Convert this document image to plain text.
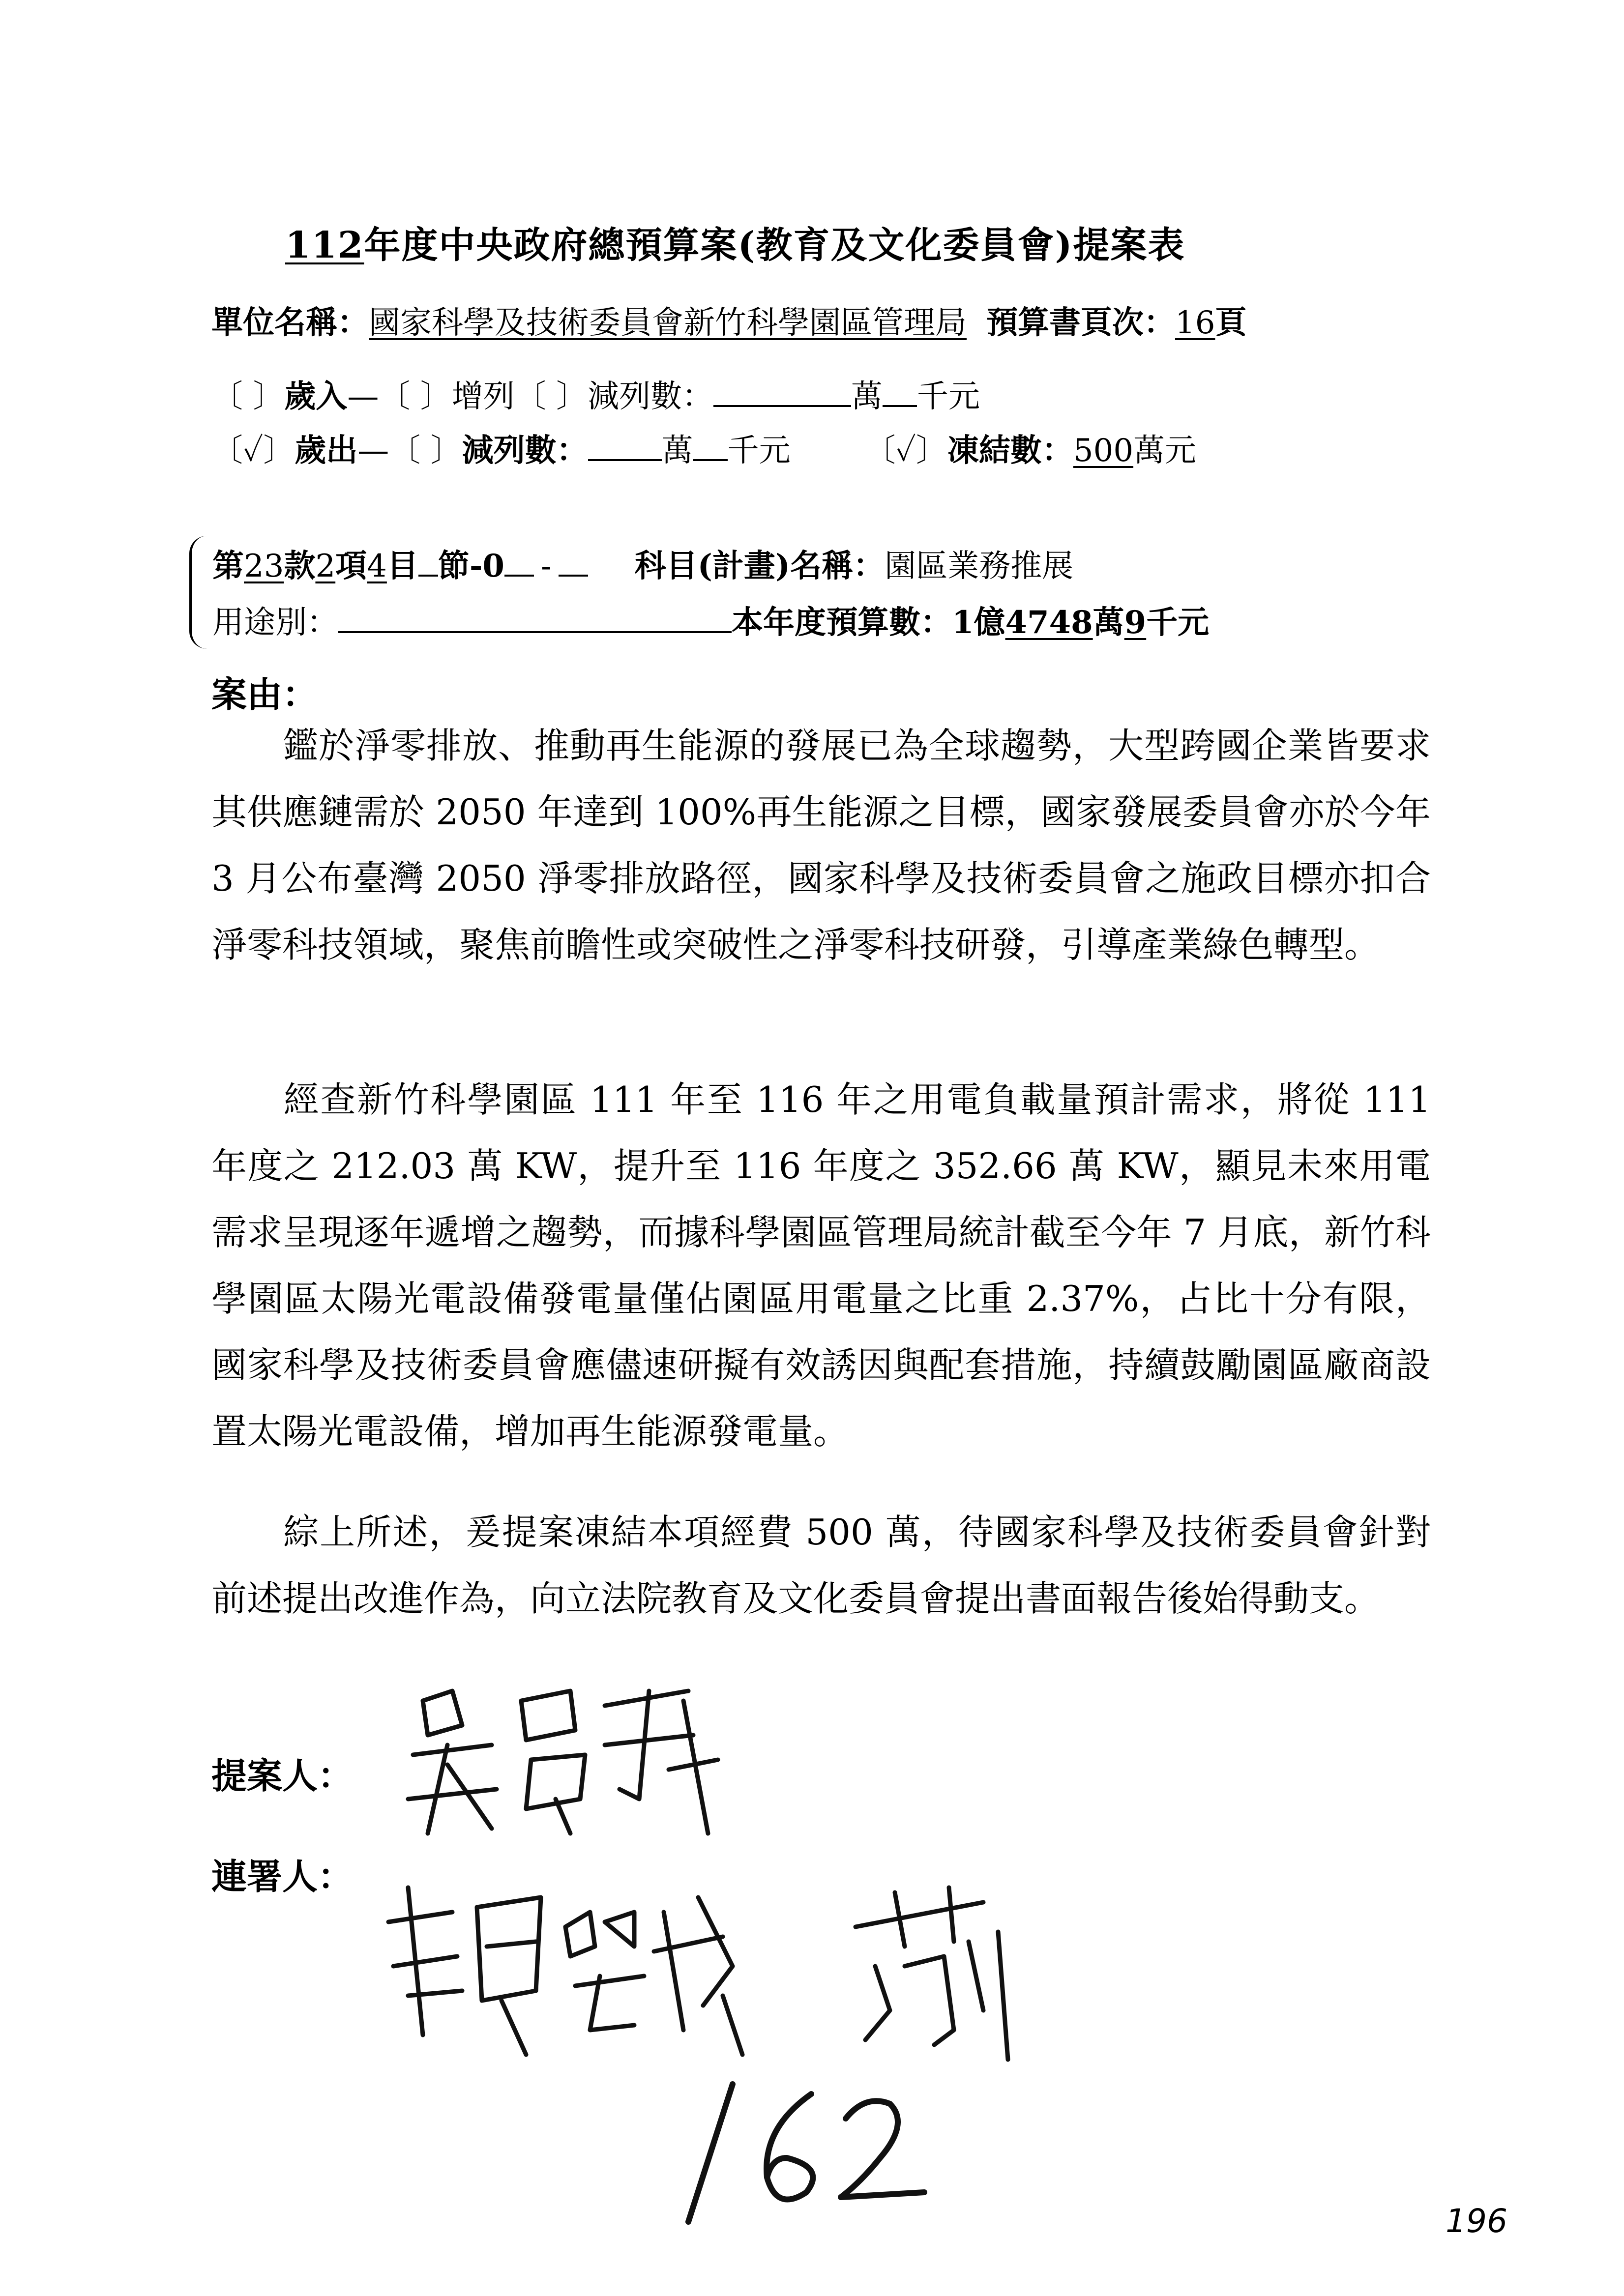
112年度中央政府總預算案(教育及文化委員會)提案表
單位名稱：國家科學及技術委員會新竹科學園區管理局 預算書頁次：16頁
〔 〕歲入—〔 〕增列〔 〕減列數：	萬 千元
〔✓〕歲出—〔 〕減列數： 萬 千元 〔✓〕凍結數：500萬元
第23款2項4目 節-0 -	科目(計畫)名稱：園區業務推展
用途別：	本年度預算數：1億4748萬9千元
案由：
鑑於淨零排放、推動再生能源的發展已為全球趨勢，大型跨國企業皆要求其供應鏈需於 2050 年達到 100%再生能源之目標，國家發展委員會亦於今年 3 月公布臺灣 2050 淨零排放路徑，國家科學及技術委員會之施政目標亦扣合淨零科技領域，聚焦前瞻性或突破性之淨零科技研發，引導產業綠色轉型。
經查新竹科學園區 111 年至 116 年之用電負載量預計需求，將從 111 年度之 212.03 萬 KW，提升至 116 年度之 352.66 萬 KW，顯見未來用電需求呈現逐年遞增之趨勢，而據科學園區管理局統計截至今年 7 月底，新竹科學園區太陽光電設備發電量僅佔園區用電量之比重 2.37%，占比十分有限，國家科學及技術委員會應儘速研擬有效誘因與配套措施，持續鼓勵園區廠商設置太陽光電設備，增加再生能源發電量。
綜上所述，爰提案凍結本項經費 500 萬，待國家科學及技術委員會針對前述提出改進作為，向立法院教育及文化委員會提出書面報告後始得動支。
提案人：
連署人：
162
196
